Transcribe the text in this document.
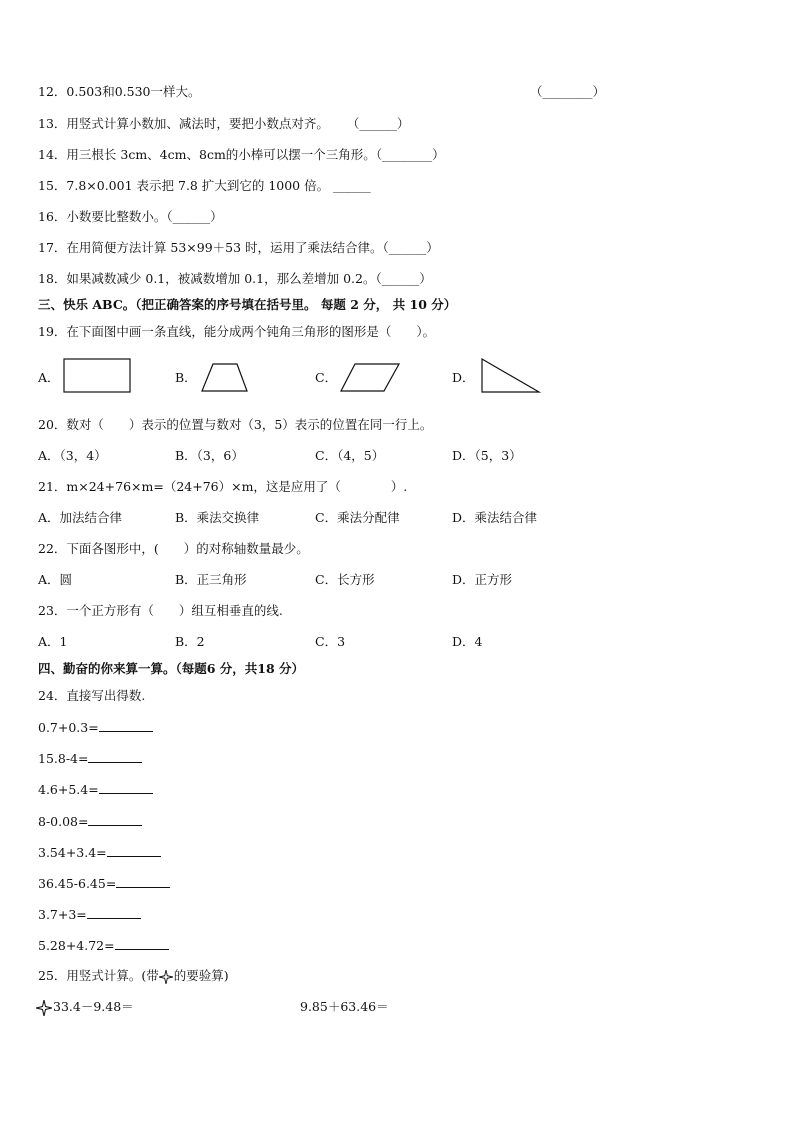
12．0.503和0.530一样大。	（________）
13．用竖式计算小数加、减法时，要把小数点对齐。 （______）
14．用三根长 3cm、4cm、8cm的小棒可以摆一个三角形。（________）
15．7.8×0.001 表示把 7.8 扩大到它的 1000 倍。 ______
16．小数要比整数小。（______）
17．在用简便方法计算 53×99＋53 时，运用了乘法结合律。（______）
18．如果减数减少 0.1，被减数增加 0.1，那么差增加 0.2。（______）
三、快乐 ABC。（把正确答案的序号填在括号里。 每题 2 分， 共 10 分）
19．在下面图中画一条直线，能分成两个钝角三角形的图形是（　　）。
A．	B．	C．	D．
20．数对（　　）表示的位置与数对（3，5）表示的位置在同一行上。
A．（3，4）	B．（3，6）	C．（4，5）	D．（5，3）
21．m×24+76×m=（24+76）×m，这是应用了（　　　　）.
A．加法结合律	B．乘法交换律	C．乘法分配律	D．乘法结合律
22．下面各图形中，(　　）的对称轴数量最少。
A．圆	B．正三角形	C．长方形	D．正方形
23．一个正方形有（　　）组互相垂直的线.
A．1	B．2	C．3	D．4
四、勤奋的你来算一算。（每题6 分，共18 分）
24．直接写出得数.
0.7+0.3=
15.8-4=
4.6+5.4=
8-0.08=
3.54+3.4=
36.45-6.45=
3.7+3=
5.28+4.72=
25．用竖式计算。(带 的要验算)
33.4－9.48＝	9.85＋63.46＝
